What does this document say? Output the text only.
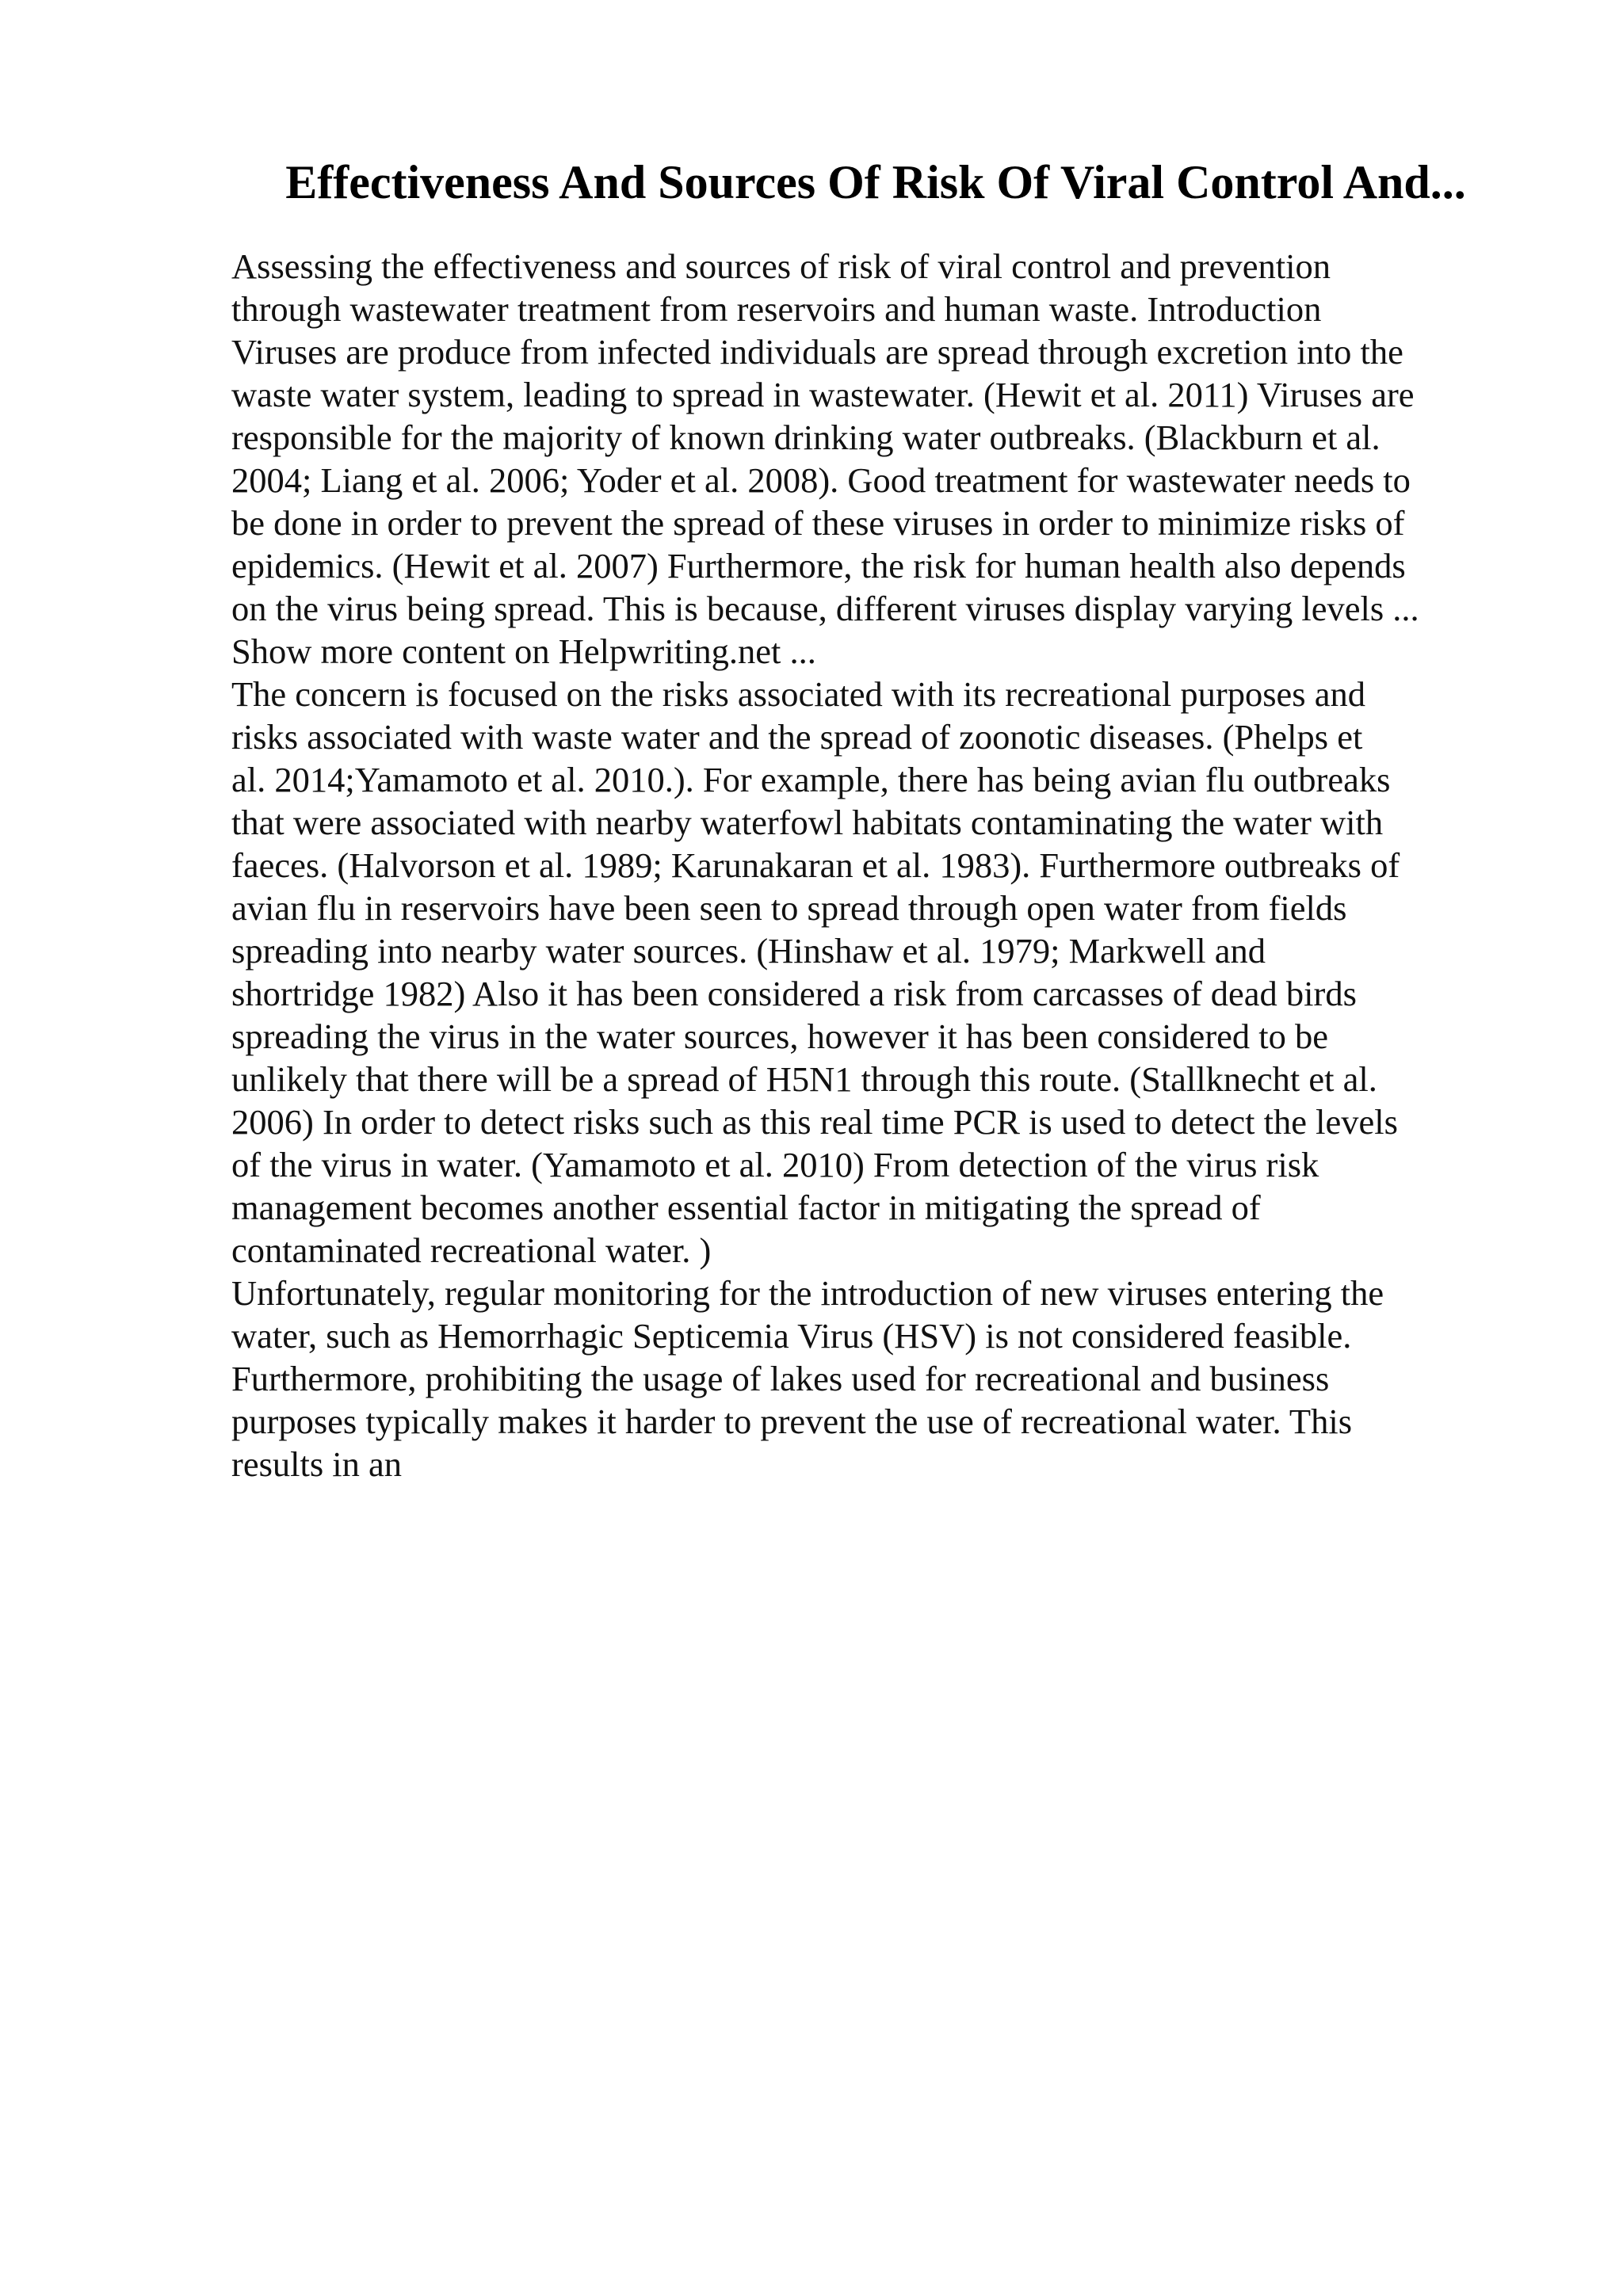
Effectiveness And Sources Of Risk Of Viral Control And...

Assessing the effectiveness and sources of risk of viral control and prevention
through wastewater treatment from reservoirs and human waste. Introduction
Viruses are produce from infected individuals are spread through excretion into the
waste water system, leading to spread in wastewater. (Hewit et al. 2011) Viruses are
responsible for the majority of known drinking water outbreaks. (Blackburn et al.
2004; Liang et al. 2006; Yoder et al. 2008). Good treatment for wastewater needs to
be done in order to prevent the spread of these viruses in order to minimize risks of
epidemics. (Hewit et al. 2007) Furthermore, the risk for human health also depends
on the virus being spread. This is because, different viruses display varying levels ...
Show more content on Helpwriting.net ...

The concern is focused on the risks associated with its recreational purposes and
risks associated with waste water and the spread of zoonotic diseases. (Phelps et
al. 2014;Yamamoto et al. 2010.). For example, there has being avian flu outbreaks
that were associated with nearby waterfowl habitats contaminating the water with
faeces. (Halvorson et al. 1989; Karunakaran et al. 1983). Furthermore outbreaks of
avian flu in reservoirs have been seen to spread through open water from fields
spreading into nearby water sources. (Hinshaw et al. 1979; Markwell and
shortridge 1982) Also it has been considered a risk from carcasses of dead birds
spreading the virus in the water sources, however it has been considered to be
unlikely that there will be a spread of H5N1 through this route. (Stallknecht et al.
2006) In order to detect risks such as this real time PCR is used to detect the levels
of the virus in water. (Yamamoto et al. 2010) From detection of the virus risk
management becomes another essential factor in mitigating the spread of
contaminated recreational water. )

Unfortunately, regular monitoring for the introduction of new viruses entering the
water, such as Hemorrhagic Septicemia Virus (HSV) is not considered feasible.
Furthermore, prohibiting the usage of lakes used for recreational and business
purposes typically makes it harder to prevent the use of recreational water. This
results in an
